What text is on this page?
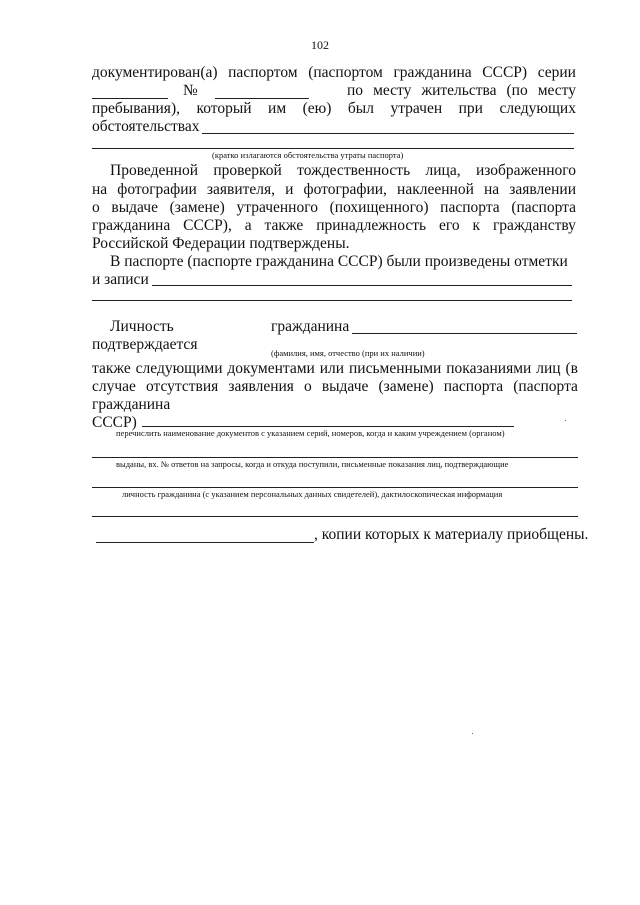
102
документирован(а) паспортом (паспортом гражданина СССР) серии
№	по месту жительства (по месту
пребывания), который им (ею) был утрачен при следующих
обстоятельствах
(кратко излагаются обстоятельства утраты паспорта)
Проведенной проверкой тождественность лица, изображенного
на фотографии заявителя, и фотографии, наклеенной на заявлении
о выдаче (замене) утраченного (похищенного) паспорта (паспорта
гражданина СССР), а также принадлежность его к гражданству
Российской Федерации подтверждены.
В паспорте (паспорте гражданина СССР) были произведены отметки
и записи
Личность	гражданина
подтверждается	(фамилия, имя, отчество (при их наличии)
также следующими документами или письменными показаниями лиц (в
случае отсутствия заявления о выдаче (замене) паспорта (паспорта
гражданина
СССР)
перечислить наименование документов с указанием серий, номеров, когда и каким учреждением (органом)
выданы, вх. № ответов на запросы, когда и откуда поступили, письменные показания лиц, подтверждающие
личность гражданина (с указанием персональных данных свидетелей), дактилоскопическая информация
, копии которых к материалу приобщены.
